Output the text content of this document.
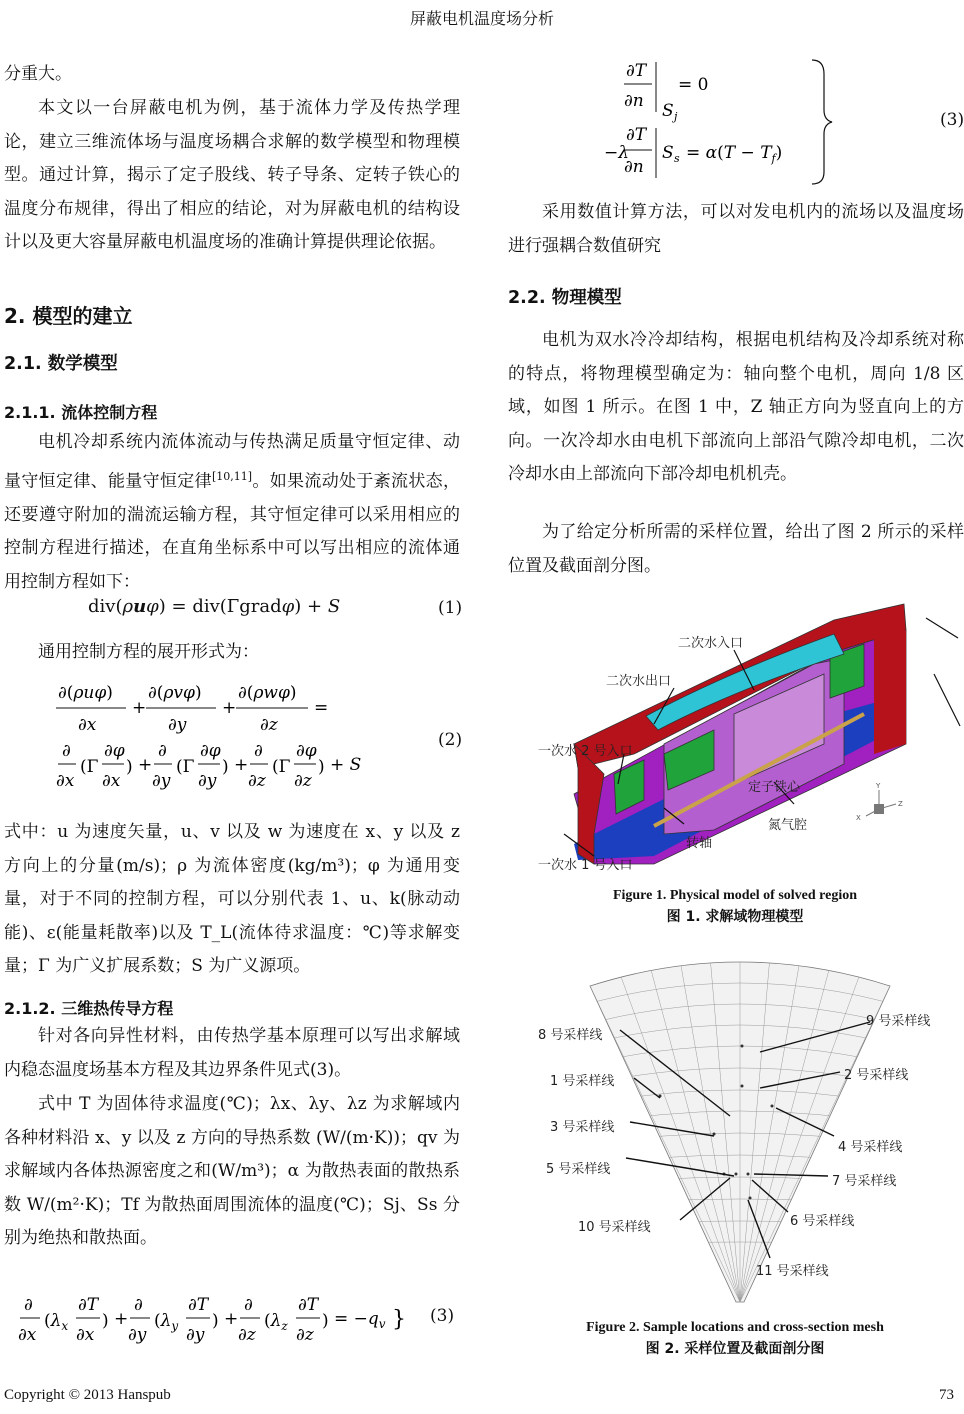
屏蔽电机温度场分析
分重大。
本文以一台屏蔽电机为例，基于流体力学及传热学理论，建立三维流体场与温度场耦合求解的数学模型和物理模型。通过计算，揭示了定子股线、转子导条、定转子铁心的温度分布规律，得出了相应的结论，对为屏蔽电机的结构设计以及更大容量屏蔽电机温度场的准确计算提供理论依据。
2. 模型的建立
2.1. 数学模型
2.1.1. 流体控制方程
电机冷却系统内流体流动与传热满足质量守恒定律、动量守恒定律、能量守恒定律[10,11]。如果流动处于紊流状态，还要遵守附加的湍流运输方程，其守恒定律可以采用相应的控制方程进行描述，在直角坐标系中可以写出相应的流体通用控制方程如下：
div(ρuφ) = div(Γgradφ) + S	(1)
通用控制方程的展开形式为：
∂(ρuφ)
∂x
+
∂(ρvφ)
∂y
+
∂(ρwφ)
∂z
=
∂
∂x
(Γ
∂φ
∂x
) +
∂
∂y
(Γ
∂φ
∂y
) +
∂
∂z
(Γ
∂φ
∂z
) + S
(2)
式中：u 为速度矢量，u、v 以及 w 为速度在 x、y 以及 z 方向上的分量(m/s)；ρ 为流体密度(kg/m³)；φ 为通用变量，对于不同的控制方程，可以分别代表 1、u、k(脉动动能)、ε(能量耗散率)以及 T_L(流体待求温度：℃)等求解变量；Γ 为广义扩展系数；S 为广义源项。
2.1.2. 三维热传导方程
针对各向异性材料，由传热学基本原理可以写出求解域内稳态温度场基本方程及其边界条件见式(3)。
式中 T 为固体待求温度(℃)；λx、λy、λz 为求解域内各种材料沿 x、y 以及 z 方向的导热系数 (W/(m·K))；qv 为求解域内各体热源密度之和(W/m³)；α 为散热表面的散热系数 W/(m²·K)；Tf 为散热面周围流体的温度(℃)；Sj、Ss 分别为绝热和散热面。
∂
∂x
($\lambda_x$
∂T
∂x
) +
∂
∂y
($\lambda_y$
∂T
∂y
) +
∂
∂z
($\lambda_z$
∂T
∂z
) = $-q_v$ } (3)
∂T
∂n S j
= 0
−λ
∂T
∂n
S $s = \alpha(T - T_f)$
(3)
采用数值计算方法，可以对发电机内的流场以及温度场进行强耦合数值研究
2.2. 物理模型
电机为双水冷冷却结构，根据电机结构及冷却系统对称的特点，将物理模型确定为：轴向整个电机，周向 1/8 区域，如图 1 所示。在图 1 中，Z 轴正方向为竖直向上的方向。一次冷却水由电机下部流向上部沿气隙冷却电机，二次冷却水由上部流向下部冷却电机机壳。
为了给定分析所需的采样位置，给出了图 2 所示的采样位置及截面剖分图。
Y
Z
X
二次水入口
二次水出口
一次水 2 号入口
定子铁心
转轴
氮气腔
一次水 1 号入口
Figure 1. Physical model of solved region
图 1. 求解域物理模型
8 号采样线
9 号采样线
1 号采样线	2 号采样线
3 号采样线
4 号采样线
5 号采样线
7 号采样线
6 号采样线
10 号采样线
11 号采样线
Figure 2. Sample locations and cross-section mesh
图 2. 采样位置及截面剖分图
Copyright © 2013 Hanspub	73
